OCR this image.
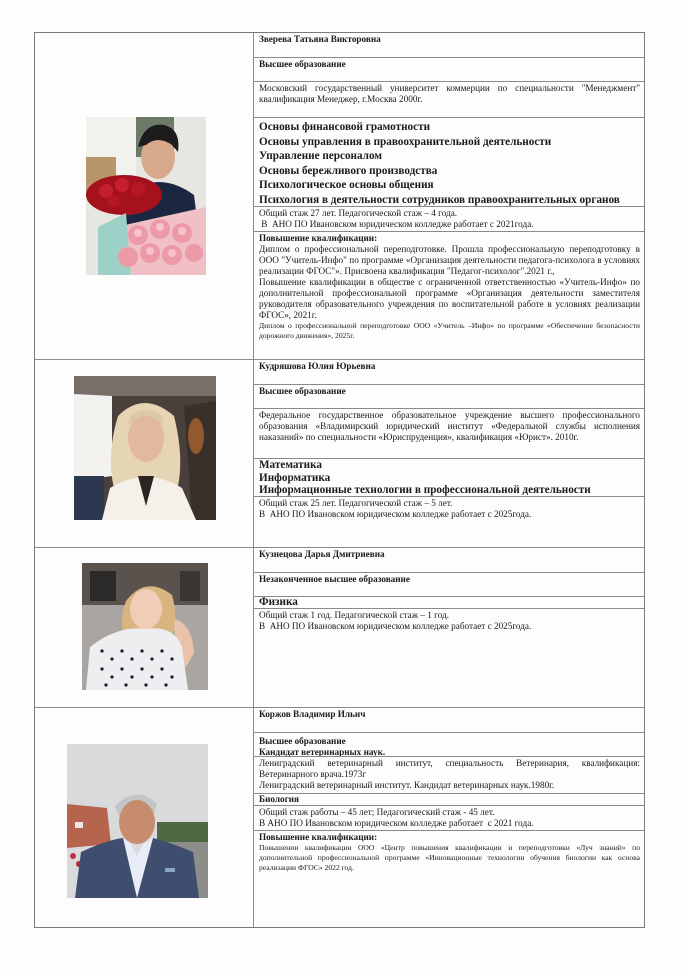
Зверева Татьяна Викторовна
Высшее образование
Московский государственный университет коммерции по специальности "Менеджмент" квалификация Менеджер, г.Москва 2000г.
Основы финансовой грамотности
Основы управления в правоохранительной деятельности
Управление персоналом
Основы бережливого производства
Психологическое основы общения
Психология в деятельности сотрудников правоохранительных органов
Общий стаж 27 лет. Педагогической стаж – 4 года.
В  АНО ПО Ивановском юридическом колледже работает с 2021года.
Повышение квалификации:
Диплом о профессиональной переподготовке. Прошла профессиональную переподготовку в ООО "Учитель-Инфо" по программе «Организация деятельности педагога-психолога в условиях реализации ФГОС"». Присвоена квалификация "Педагог-психолог".2021 г.,
Повышение квалификации в обществе с ограниченной ответственностью «Учитель-Инфо» по дополнительной профессиональной программе «Организация деятельности заместителя руководителя образовательного учреждения по воспитательной работе в условиях реализации ФГОС», 2021г.
Диплом о профессиональной переподготовке ООО «Учитель –Инфо» по программе «Обеспечение безопасности дорожного движения», 2025г.
Кудряшова Юлия Юрьевна
Высшее образование
Федеральное государственное образовательное учреждение высшего профессионального образования «Владимирский юридический институт «Федеральной службы исполнения наказаний» по специальности «Юриспруденция», квалификация «Юрист». 2010г.
Математика
Информатика
Информационные технологии в профессиональной деятельности
Общий стаж 25 лет. Педагогической стаж – 5 лет.
В  АНО ПО Ивановском юридическом колледже работает с 2025года.
Кузнецова Дарья Дмитриевна
Незаконченное высшее образование
Физика
Общий стаж 1 год. Педагогической стаж – 1 год.
В  АНО ПО Ивановском юридическом колледже работает с 2025года.
Коржов Владимир Ильич
Высшее образование
Кандидат ветеринарных наук.
Лениградский ветеринарный институт, специальность Ветеринария, квалификация: Ветеринарного врача.1973г
Лениградский ветеринарный институт. Кандидат ветеринарных наук.1980г.
Биология
Общий стаж работы – 45 лет; Педагогический стаж - 45 лет.
В АНО ПО Ивановском юридическом колледже работает  с 2021 года.
Повышение квалификации:
Повышении квалификации ООО «Центр повышения квалификации и переподготовки «Луч знаний» по дополнительной профессиональной программе «Инновационные технологии обучения биологии как основа реализации ФГОС» 2022 год.
